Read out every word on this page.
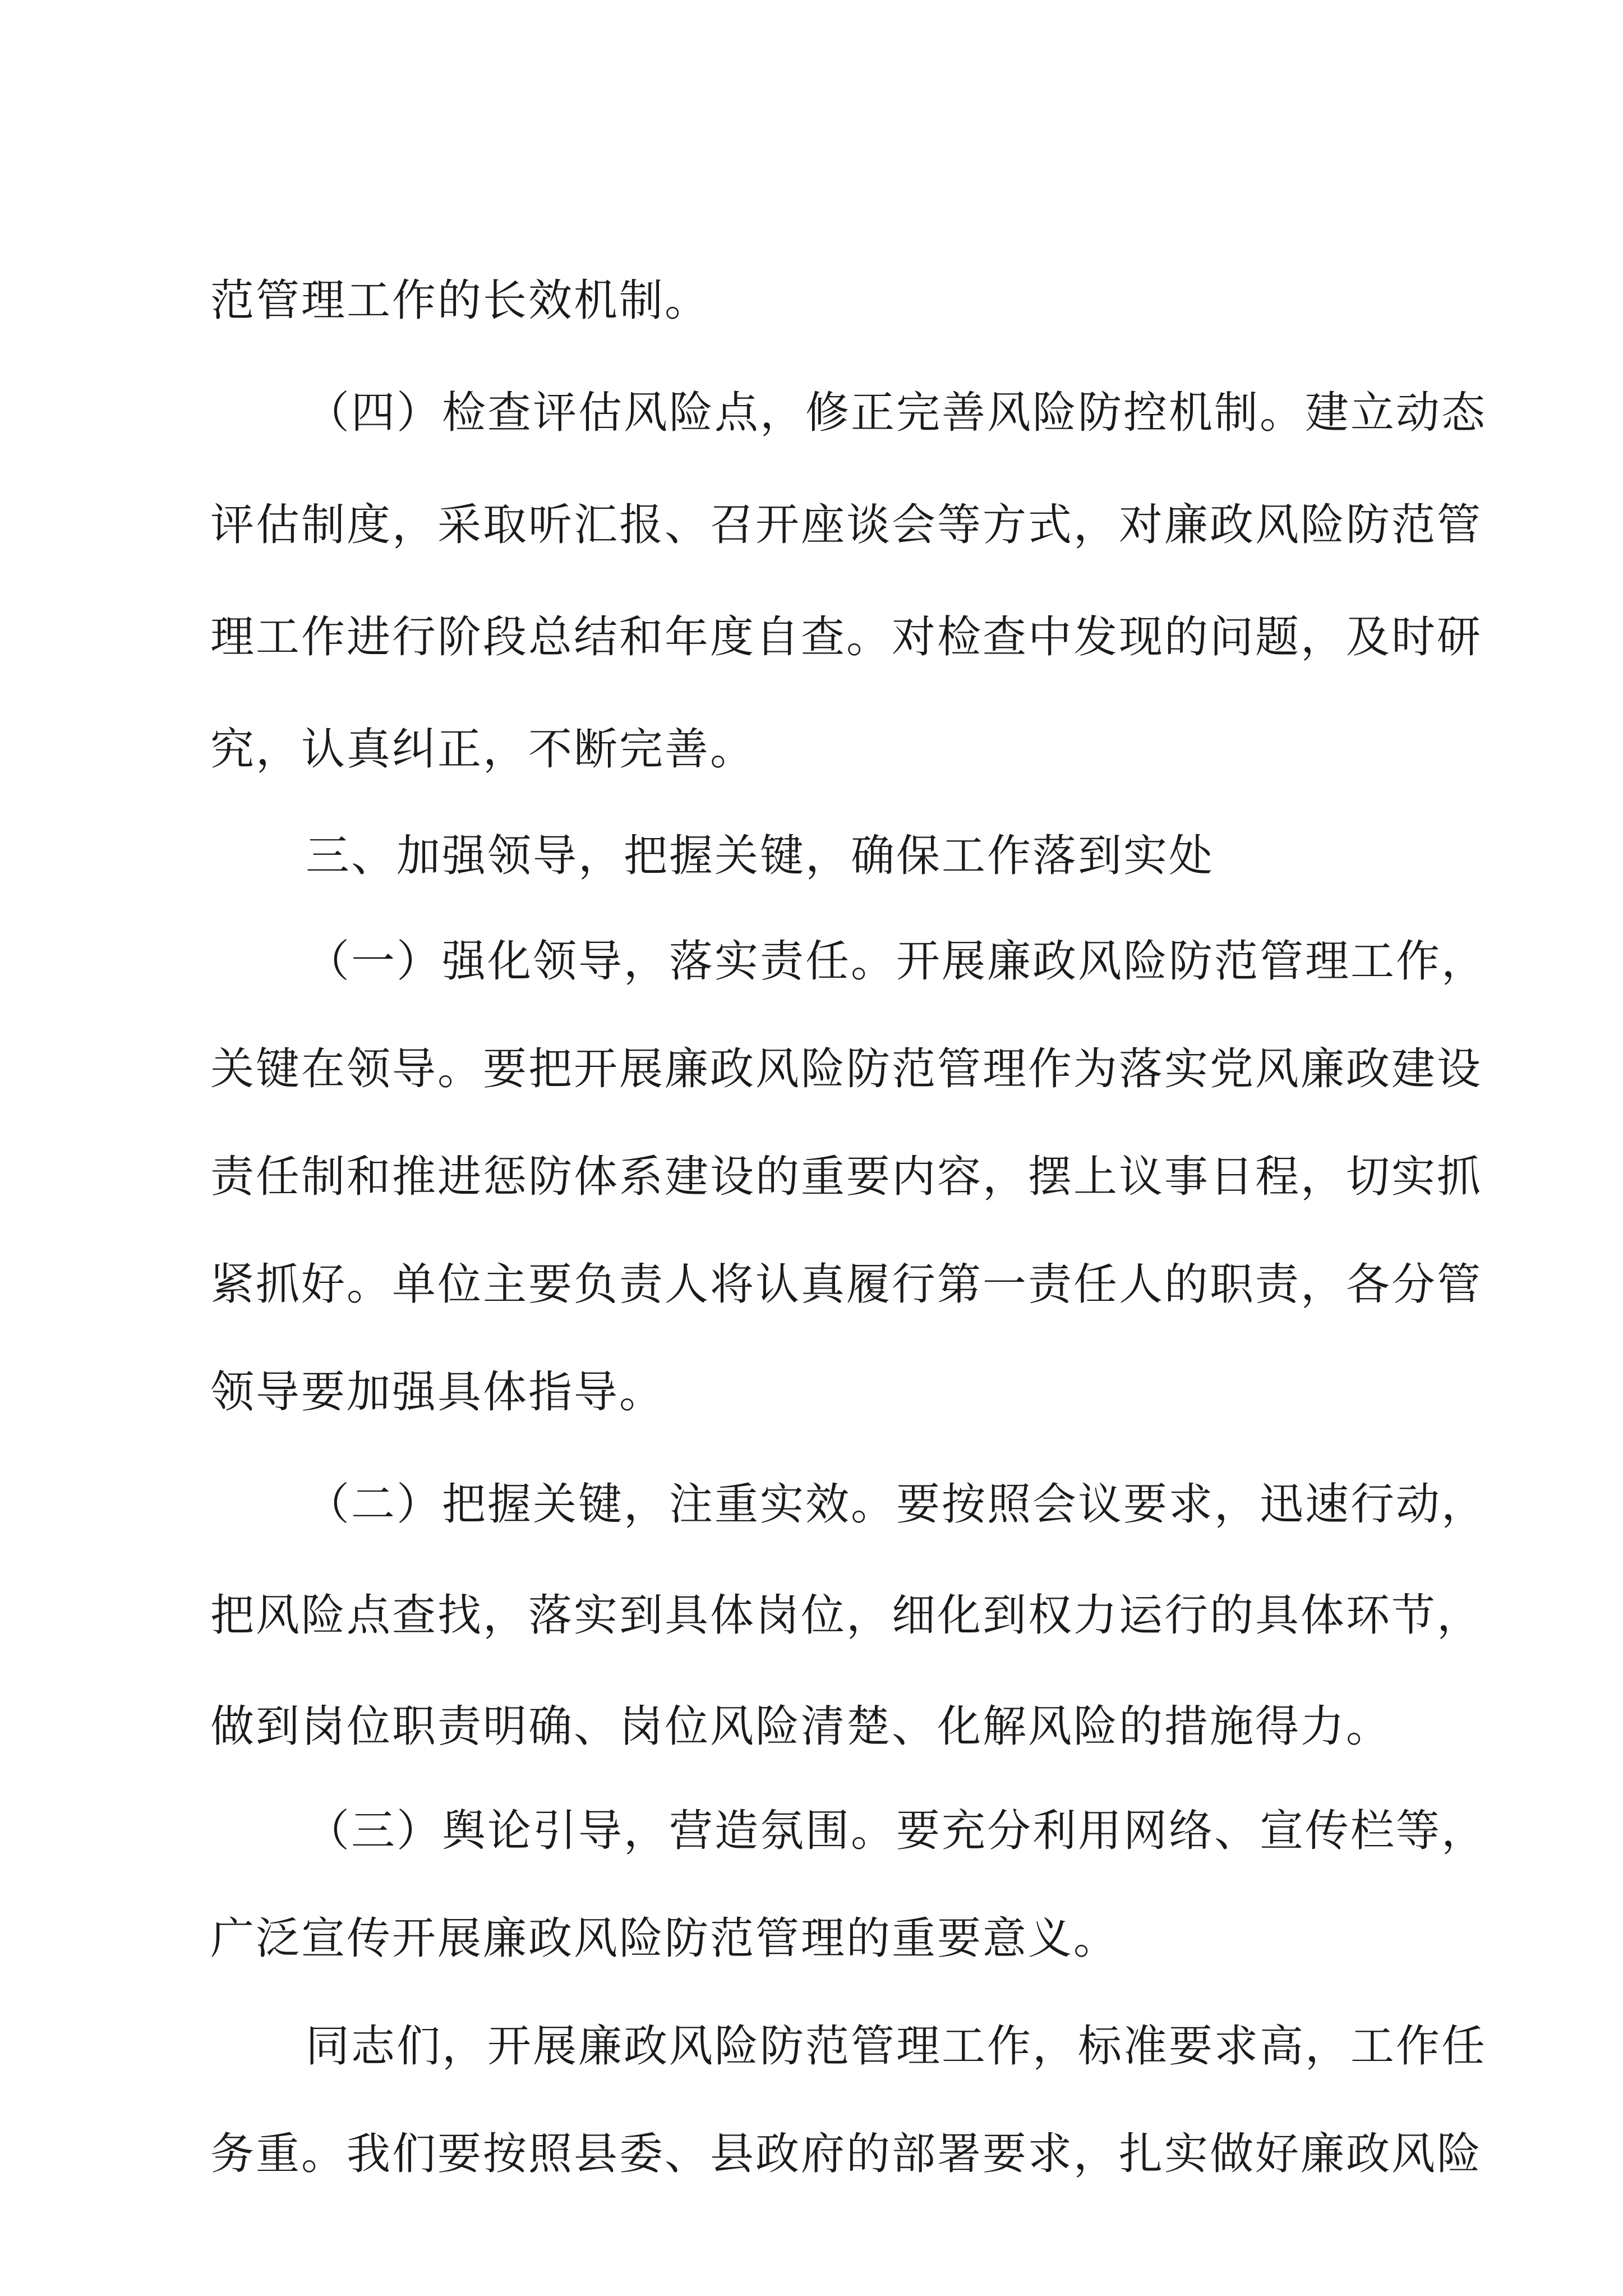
范管理工作的长效机制。
（四）检查评估风险点，修正完善风险防控机制。建立动态
评估制度，采取听汇报、召开座谈会等方式，对廉政风险防范管
理工作进行阶段总结和年度自查。对检查中发现的问题，及时研
究，认真纠正，不断完善。
三、加强领导，把握关键，确保工作落到实处
（一）强化领导，落实责任。开展廉政风险防范管理工作，
关键在领导。要把开展廉政风险防范管理作为落实党风廉政建设
责任制和推进惩防体系建设的重要内容，摆上议事日程，切实抓
紧抓好。单位主要负责人将认真履行第一责任人的职责，各分管
领导要加强具体指导。
（二）把握关键，注重实效。要按照会议要求，迅速行动，
把风险点查找，落实到具体岗位，细化到权力运行的具体环节，
做到岗位职责明确、岗位风险清楚、化解风险的措施得力。
（三）舆论引导，营造氛围。要充分利用网络、宣传栏等，
广泛宣传开展廉政风险防范管理的重要意义。
同志们，开展廉政风险防范管理工作，标准要求高，工作任
务重。我们要按照县委、县政府的部署要求，扎实做好廉政风险
